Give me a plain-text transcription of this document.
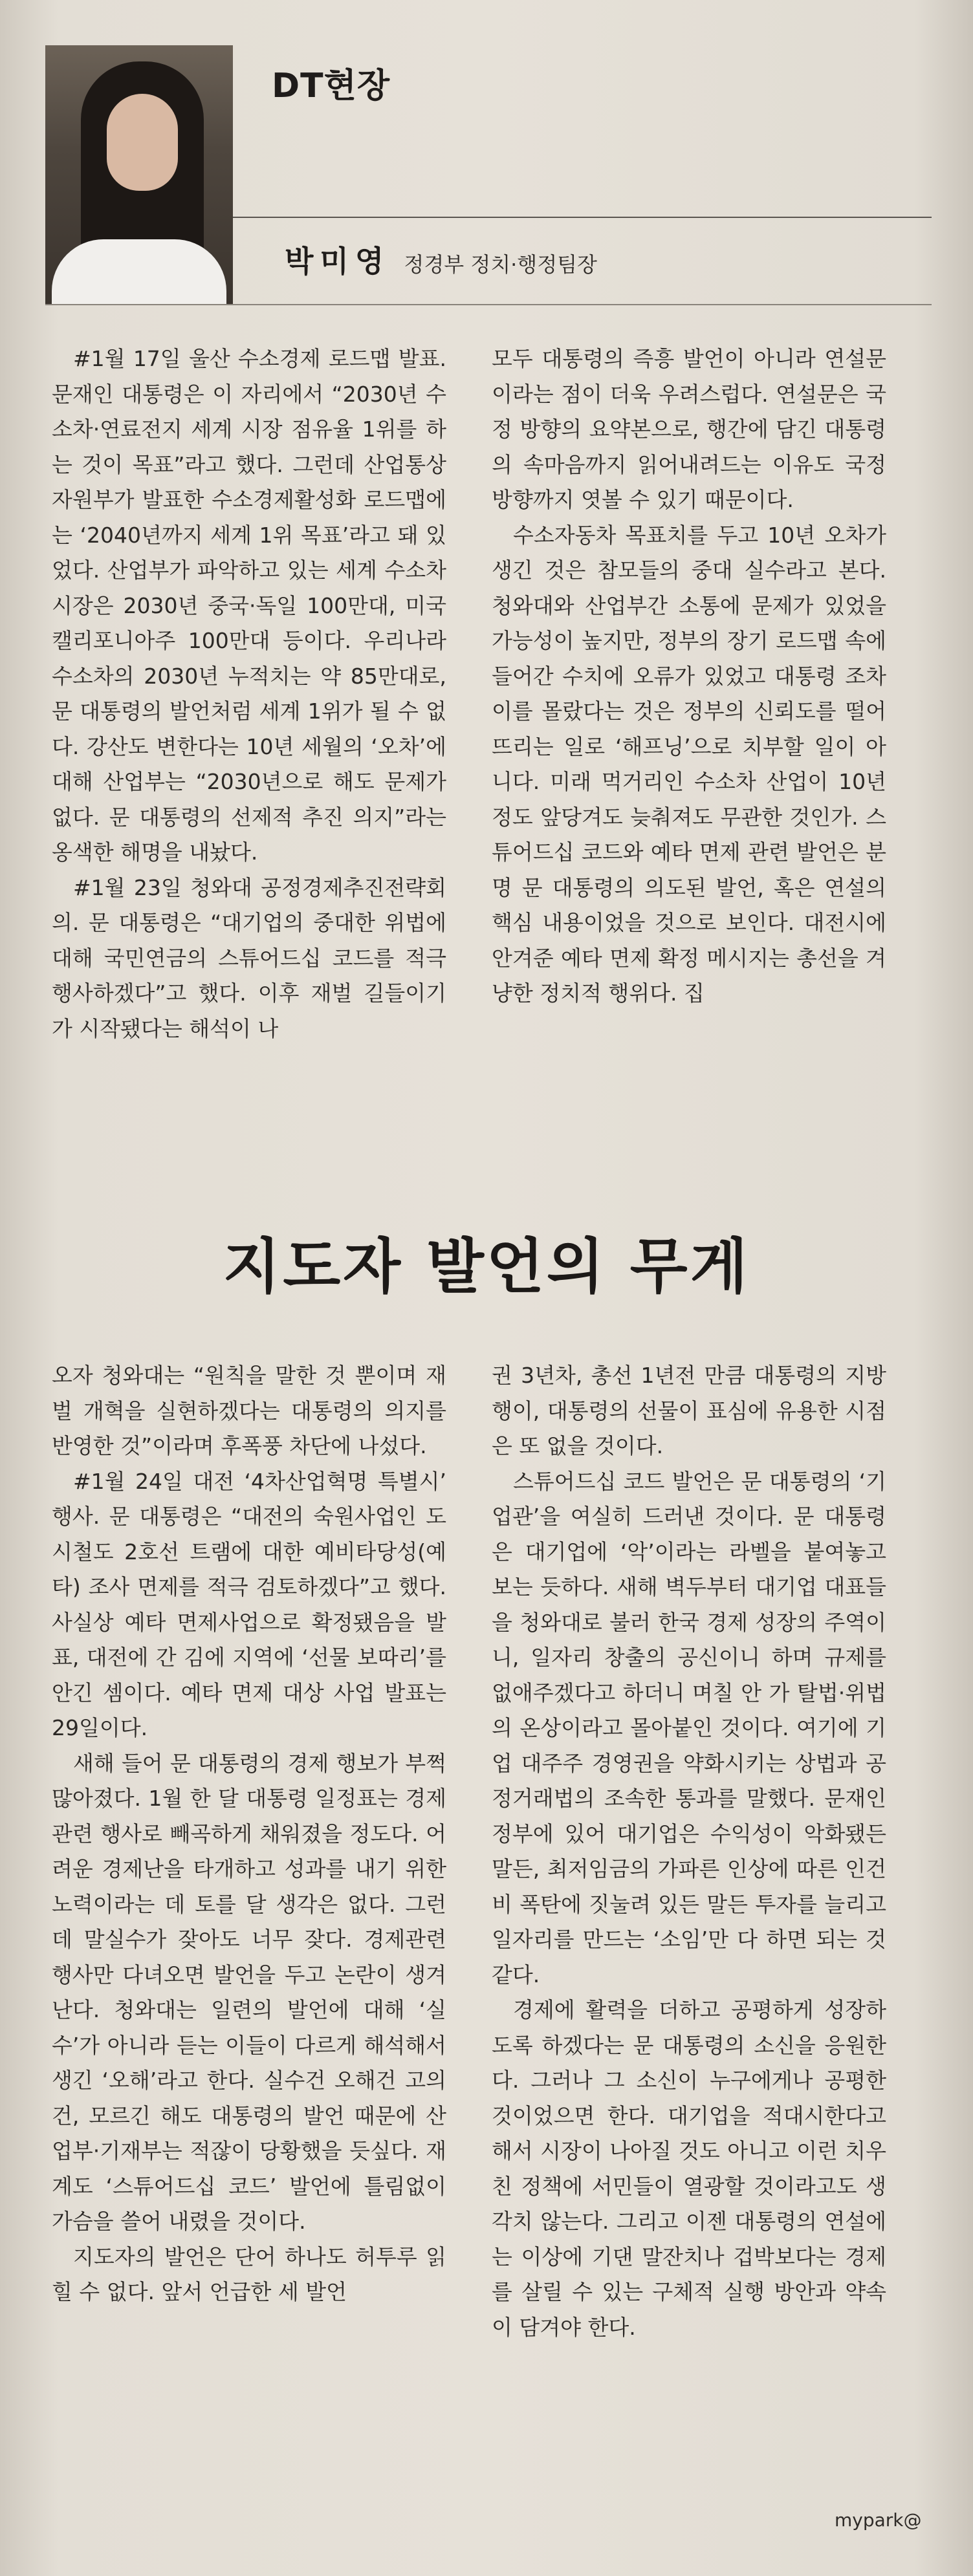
DT현장
박미영 정경부 정치·행정팀장

#1월 17일 울산 수소경제 로드맵 발표. 문재인 대통령은 이 자리에서 “2030년 수소차·연료전지 세계 시장 점유율 1위를 하는 것이 목표”라고 했다. 그런데 산업통상자원부가 발표한 수소경제활성화 로드맵에는 ‘2040년까지 세계 1위 목표’라고 돼 있었다. 산업부가 파악하고 있는 세계 수소차 시장은 2030년 중국·독일 100만대, 미국 캘리포니아주 100만대 등이다. 우리나라 수소차의 2030년 누적치는 약 85만대로, 문 대통령의 발언처럼 세계 1위가 될 수 없다. 강산도 변한다는 10년 세월의 ‘오차’에 대해 산업부는 “2030년으로 해도 문제가 없다. 문 대통령의 선제적 추진 의지”라는 옹색한 해명을 내놨다.

#1월 23일 청와대 공정경제추진전략회의. 문 대통령은 “대기업의 중대한 위법에 대해 국민연금의 스튜어드십 코드를 적극 행사하겠다”고 했다. 이후 재벌 길들이기가 시작됐다는 해석이 나

모두 대통령의 즉흥 발언이 아니라 연설문이라는 점이 더욱 우려스럽다. 연설문은 국정 방향의 요약본으로, 행간에 담긴 대통령의 속마음까지 읽어내려드는 이유도 국정 방향까지 엿볼 수 있기 때문이다.

수소자동차 목표치를 두고 10년 오차가 생긴 것은 참모들의 중대 실수라고 본다. 청와대와 산업부간 소통에 문제가 있었을 가능성이 높지만, 정부의 장기 로드맵 속에 들어간 수치에 오류가 있었고 대통령 조차 이를 몰랐다는 것은 정부의 신뢰도를 떨어뜨리는 일로 ‘해프닝’으로 치부할 일이 아니다. 미래 먹거리인 수소차 산업이 10년 정도 앞당겨도 늦춰져도 무관한 것인가. 스튜어드십 코드와 예타 면제 관련 발언은 분명 문 대통령의 의도된 발언, 혹은 연설의 핵심 내용이었을 것으로 보인다. 대전시에 안겨준 예타 면제 확정 메시지는 총선을 겨냥한 정치적 행위다. 집

지도자 발언의 무게

오자 청와대는 “원칙을 말한 것 뿐이며 재벌 개혁을 실현하겠다는 대통령의 의지를 반영한 것”이라며 후폭풍 차단에 나섰다.

#1월 24일 대전 ‘4차산업혁명 특별시’ 행사. 문 대통령은 “대전의 숙원사업인 도시철도 2호선 트램에 대한 예비타당성(예타) 조사 면제를 적극 검토하겠다”고 했다. 사실상 예타 면제사업으로 확정됐음을 발표, 대전에 간 김에 지역에 ‘선물 보따리’를 안긴 셈이다. 예타 면제 대상 사업 발표는 29일이다.

새해 들어 문 대통령의 경제 행보가 부쩍 많아졌다. 1월 한 달 대통령 일정표는 경제 관련 행사로 빼곡하게 채워졌을 정도다. 어려운 경제난을 타개하고 성과를 내기 위한 노력이라는 데 토를 달 생각은 없다. 그런데 말실수가 잦아도 너무 잦다. 경제관련 행사만 다녀오면 발언을 두고 논란이 생겨난다. 청와대는 일련의 발언에 대해 ‘실수’가 아니라 듣는 이들이 다르게 해석해서 생긴 ‘오해’라고 한다. 실수건 오해건 고의건, 모르긴 해도 대통령의 발언 때문에 산업부·기재부는 적잖이 당황했을 듯싶다. 재계도 ‘스튜어드십 코드’ 발언에 틀림없이 가슴을 쓸어 내렸을 것이다.

지도자의 발언은 단어 하나도 허투루 읽힐 수 없다. 앞서 언급한 세 발언

권 3년차, 총선 1년전 만큼 대통령의 지방행이, 대통령의 선물이 표심에 유용한 시점은 또 없을 것이다.

스튜어드십 코드 발언은 문 대통령의 ‘기업관’을 여실히 드러낸 것이다. 문 대통령은 대기업에 ‘악’이라는 라벨을 붙여놓고 보는 듯하다. 새해 벽두부터 대기업 대표들을 청와대로 불러 한국 경제 성장의 주역이니, 일자리 창출의 공신이니 하며 규제를 없애주겠다고 하더니 며칠 안 가 탈법·위법의 온상이라고 몰아붙인 것이다. 여기에 기업 대주주 경영권을 약화시키는 상법과 공정거래법의 조속한 통과를 말했다. 문재인 정부에 있어 대기업은 수익성이 악화됐든 말든, 최저임금의 가파른 인상에 따른 인건비 폭탄에 짓눌려 있든 말든 투자를 늘리고 일자리를 만드는 ‘소임’만 다 하면 되는 것 같다.

경제에 활력을 더하고 공평하게 성장하도록 하겠다는 문 대통령의 소신을 응원한다. 그러나 그 소신이 누구에게나 공평한 것이었으면 한다. 대기업을 적대시한다고 해서 시장이 나아질 것도 아니고 이런 치우친 정책에 서민들이 열광할 것이라고도 생각치 않는다. 그리고 이젠 대통령의 연설에는 이상에 기댄 말잔치나 겁박보다는 경제를 살릴 수 있는 구체적 실행 방안과 약속이 담겨야 한다.

mypark@
